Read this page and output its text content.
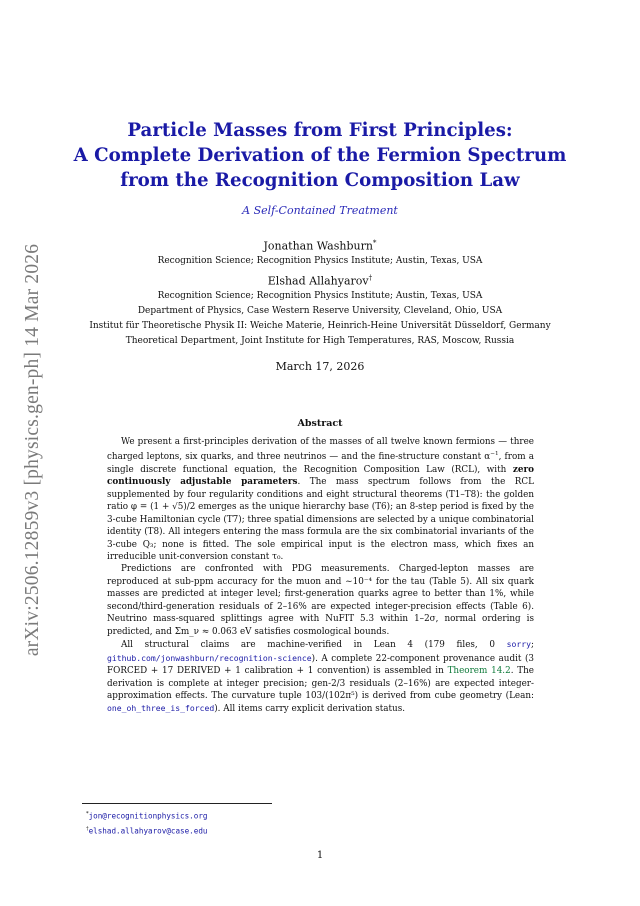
arXiv:2506.12859v3 [physics.gen-ph] 14 Mar 2026
Particle Masses from First Principles:
A Complete Derivation of the Fermion Spectrum
from the Recognition Composition Law
A Self-Contained Treatment
Jonathan Washburn*
Recognition Science; Recognition Physics Institute; Austin, Texas, USA
Elshad Allahyarov†
Recognition Science; Recognition Physics Institute; Austin, Texas, USA
Department of Physics, Case Western Reserve University, Cleveland, Ohio, USA
Institut für Theoretische Physik II: Weiche Materie, Heinrich-Heine Universität Düsseldorf, Germany
Theoretical Department, Joint Institute for High Temperatures, RAS, Moscow, Russia
March 17, 2026
Abstract

We present a first-principles derivation of the masses of all twelve known fermions — three charged leptons, six quarks, and three neutrinos — and the fine-structure constant $\alpha^{-1}$, from a single discrete functional equation, the Recognition Composition Law (RCL), with zero continuously adjustable parameters. The mass spectrum follows from the RCL supplemented by four regularity conditions and eight structural theorems (T1–T8): the golden ratio φ = (1 + √5)/2 emerges as the unique hierarchy base (T6); an 8-step period is fixed by the 3-cube Hamiltonian cycle (T7); three spatial dimensions are selected by a unique combinatorial identity (T8). All integers entering the mass formula are the six combinatorial invariants of the 3-cube Q₃; none is fitted. The sole empirical input is the electron mass, which fixes an irreducible unit-conversion constant τ₀.

Predictions are confronted with PDG measurements. Charged-lepton masses are reproduced at sub-ppm accuracy for the muon and ∼10⁻⁴ for the tau (Table 5). All six quark masses are predicted at integer level; first-generation quarks agree to better than 1%, while second/third-generation residuals of 2–16% are expected integer-precision effects (Table 6). Neutrino mass-squared splittings agree with NuFIT 5.3 within 1–2σ, normal ordering is predicted, and Σm_ν ≈ 0.063 eV satisfies cosmological bounds.

All structural claims are machine-verified in Lean 4 (179 files, 0 sorry; github.com/jonwashburn/recognition-science). A complete 22-component provenance audit (3 FORCED + 17 DERIVED + 1 calibration + 1 convention) is assembled in Theorem 14.2. The derivation is complete at integer precision; gen-2/3 residuals (2–16%) are expected integer-approximation effects. The curvature tuple 103/(102π⁵) is derived from cube geometry (Lean: one_oh_three_is_forced). All items carry explicit derivation status.

*jon@recognitionphysics.org
†elshad.allahyarov@case.edu
1
